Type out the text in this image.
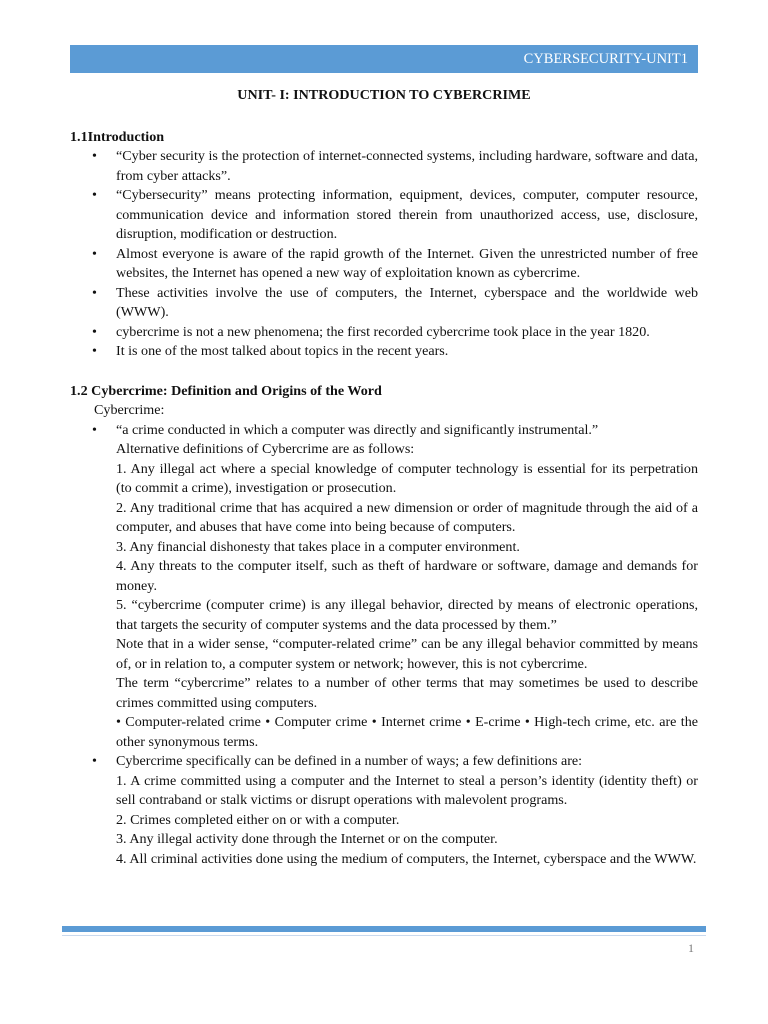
CYBERSECURITY-UNIT1
UNIT- I: INTRODUCTION TO CYBERCRIME
1.1Introduction
• “Cyber security is the protection of internet-connected systems, including hardware, software and data, from cyber attacks”.
• “Cybersecurity” means protecting information, equipment, devices, computer, computer resource, communication device and information stored therein from unauthorized access, use, disclosure, disruption, modification or destruction.
• Almost everyone is aware of the rapid growth of the Internet. Given the unrestricted number of free websites, the Internet has opened a new way of exploitation known as cybercrime.
• These activities involve the use of computers, the Internet, cyberspace and the worldwide web (WWW).
• cybercrime is not a new phenomena; the first recorded cybercrime took place in the year 1820.
• It is one of the most talked about topics in the recent years.
1.2 Cybercrime: Definition and Origins of the Word
Cybercrime:
• “a crime conducted in which a computer was directly and significantly instrumental.”
Alternative definitions of Cybercrime are as follows:
1. Any illegal act where a special knowledge of computer technology is essential for its perpetration (to commit a crime), investigation or prosecution.
2. Any traditional crime that has acquired a new dimension or order of magnitude through the aid of a computer, and abuses that have come into being because of computers.
3. Any financial dishonesty that takes place in a computer environment.
4. Any threats to the computer itself, such as theft of hardware or software, damage and demands for money.
5. “cybercrime (computer crime) is any illegal behavior, directed by means of electronic operations, that targets the security of computer systems and the data processed by them.”
Note that in a wider sense, “computer-related crime” can be any illegal behavior committed by means of, or in relation to, a computer system or network; however, this is not cybercrime.
The term “cybercrime” relates to a number of other terms that may sometimes be used to describe crimes committed using computers.
• Computer-related crime • Computer crime • Internet crime • E-crime • High-tech crime, etc. are the other synonymous terms.
• Cybercrime specifically can be defined in a number of ways; a few definitions are:
1. A crime committed using a computer and the Internet to steal a person’s identity (identity theft) or sell contraband or stalk victims or disrupt operations with malevolent programs.
2. Crimes completed either on or with a computer.
3. Any illegal activity done through the Internet or on the computer.
4. All criminal activities done using the medium of computers, the Internet, cyberspace and the WWW.
1
